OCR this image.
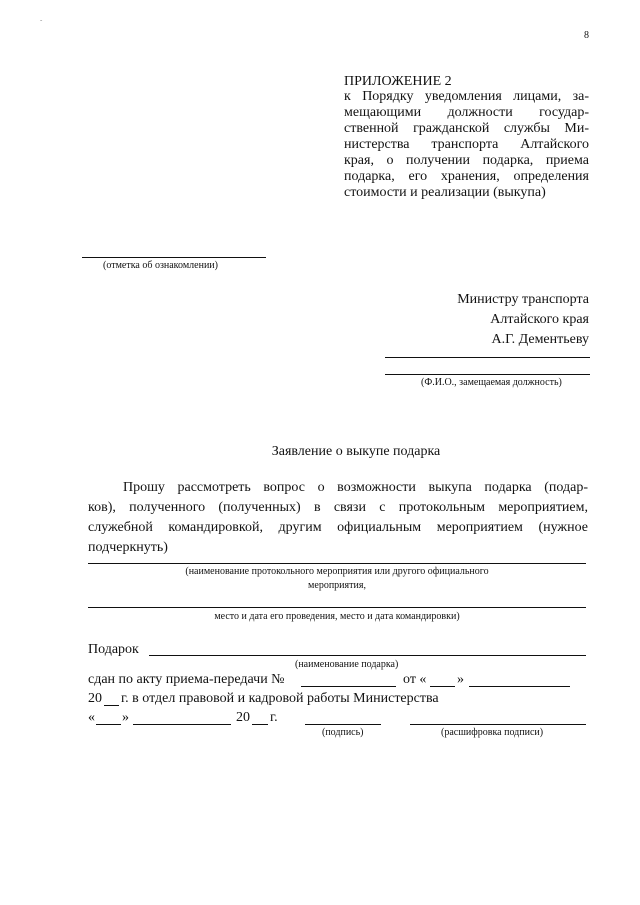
-
8
ПРИЛОЖЕНИЕ 2
к Порядку уведомления лицами, за-
мещающими должности государ-
ственной гражданской службы Ми-
нистерства транспорта Алтайского
края, о получении подарка, приема
подарка, его хранения, определения
стоимости и реализации (выкупа)
(отметка об ознакомлении)
Министру транспорта
Алтайского края
А.Г. Дементьеву
(Ф.И.О., замещаемая должность)
Заявление о выкупе подарка
Прошу рассмотреть вопрос о возможности выкупа подарка (подар-
ков), полученного (полученных) в связи с протокольным мероприятием,
служебной командировкой, другим официальным мероприятием (нужное
подчеркнуть)
(наименование протокольного мероприятия или другого официального
мероприятия,
место и дата его проведения, место и дата командировки)
Подарок
(наименование подарка)
сдан по акту приема-передачи №	от « »
20 г. в отдел правовой и кадровой работы Министерства
« »	20 г.
(подпись)	(расшифровка подписи)
